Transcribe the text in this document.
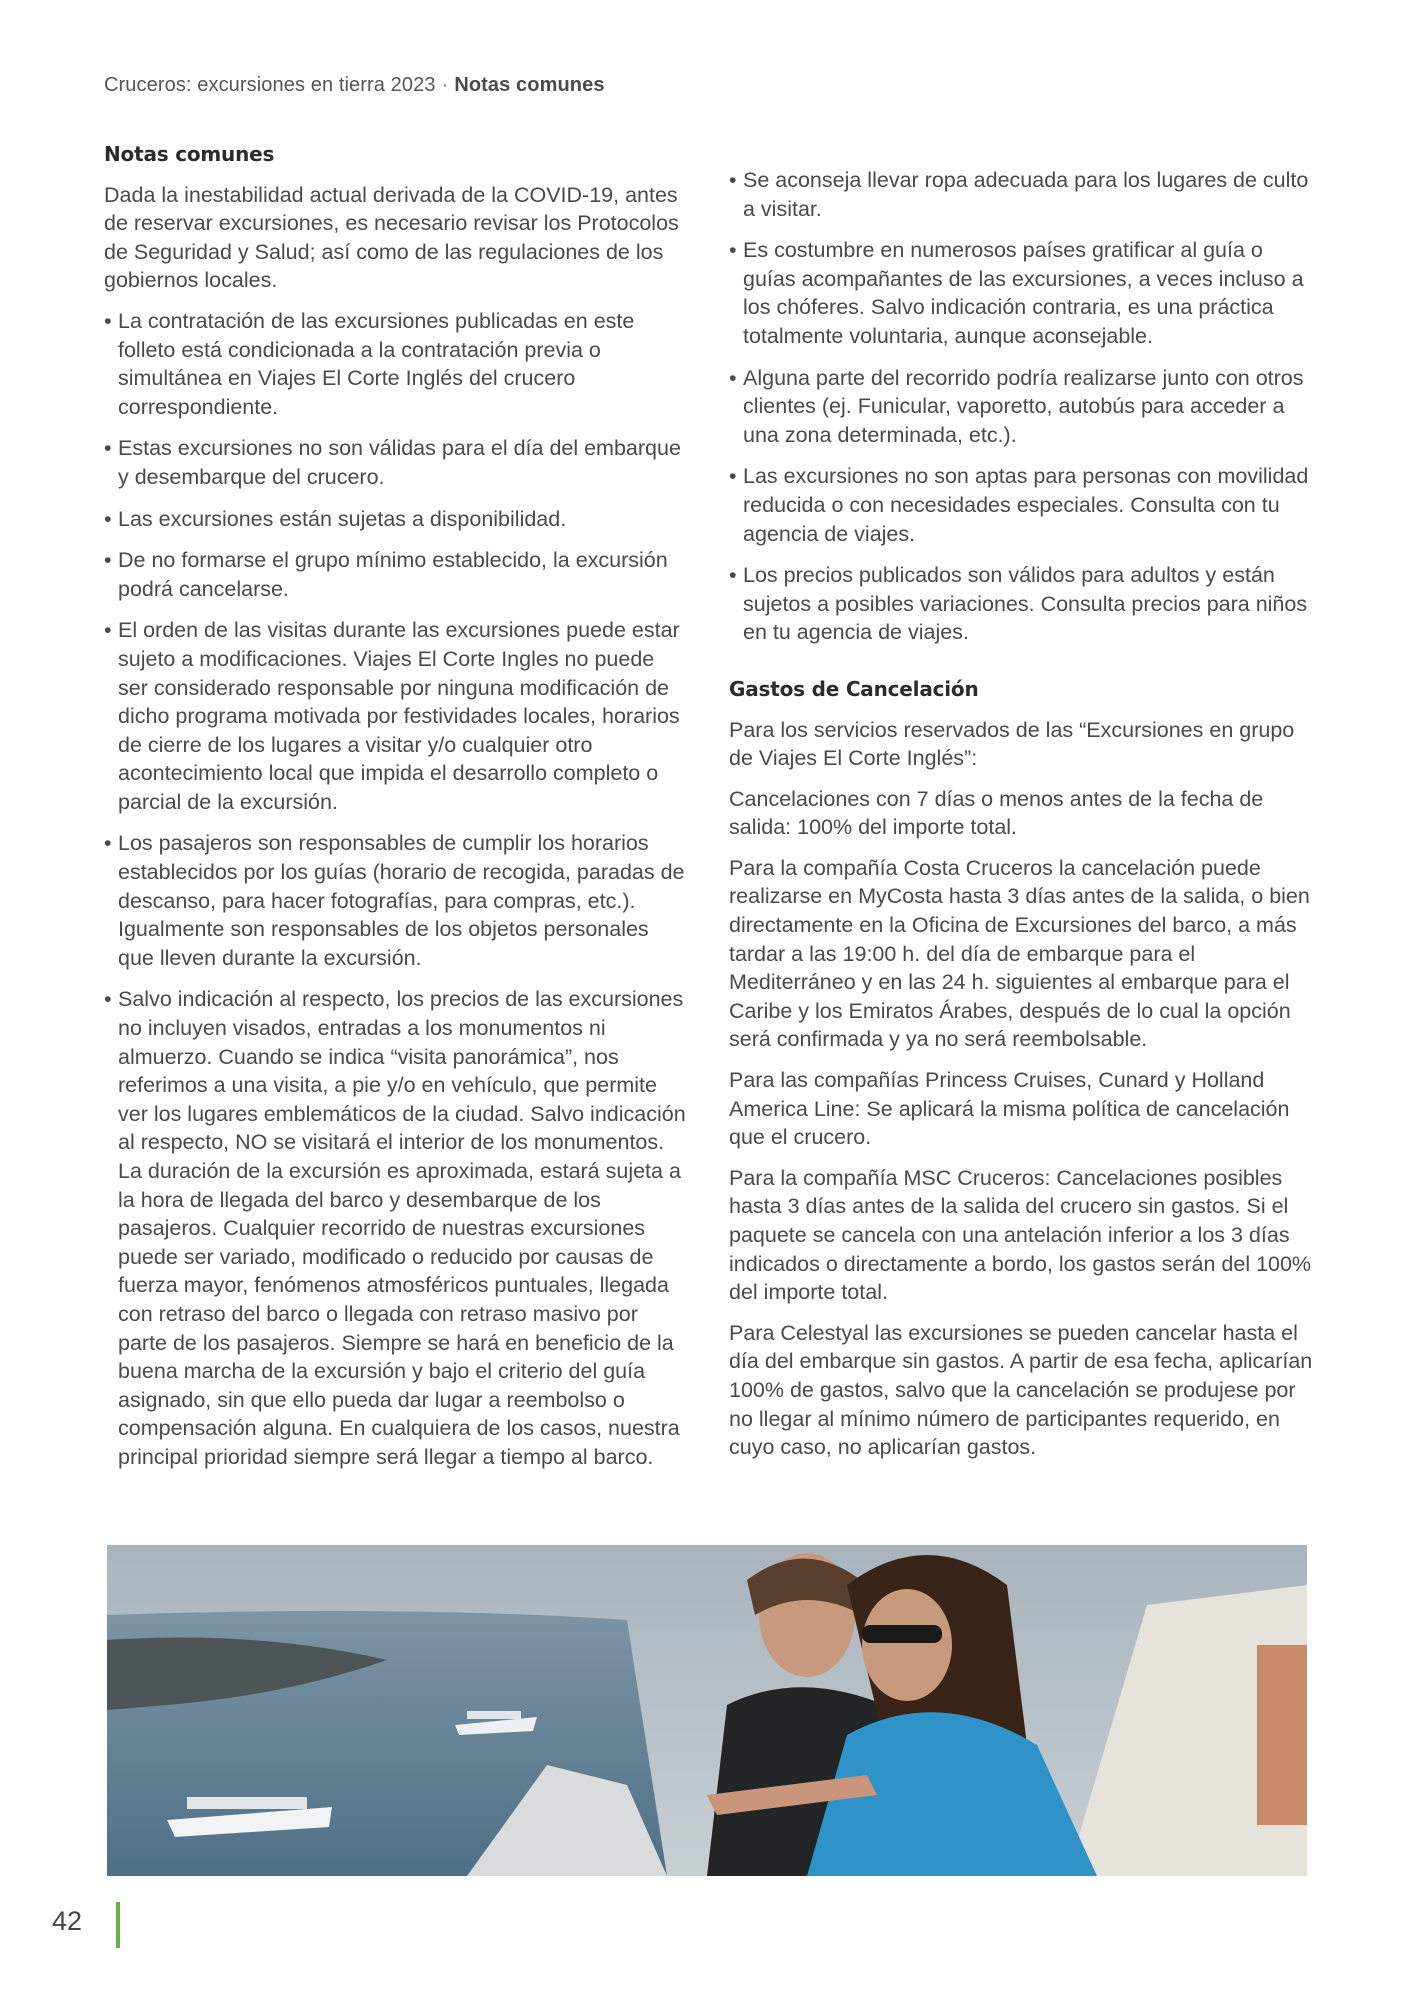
Cruceros: excursiones en tierra 2023 · Notas comunes
Notas comunes

Dada la inestabilidad actual derivada de la COVID-19, antes de reservar excursiones, es necesario revisar los Protocolos de Seguridad y Salud; así como de las regulaciones de los gobiernos locales.

• La contratación de las excursiones publicadas en este folleto está condicionada a la contratación previa o simultánea en Viajes El Corte Inglés del crucero correspondiente.
• Estas excursiones no son válidas para el día del embarque y desembarque del crucero.
• Las excursiones están sujetas a disponibilidad.
• De no formarse el grupo mínimo establecido, la excursión podrá cancelarse.
• El orden de las visitas durante las excursiones puede estar sujeto a modificaciones. Viajes El Corte Ingles no puede ser considerado responsable por ninguna modificación de dicho programa motivada por festividades locales, horarios de cierre de los lugares a visitar y/o cualquier otro acontecimiento local que impida el desarrollo completo o parcial de la excursión.
• Los pasajeros son responsables de cumplir los horarios establecidos por los guías (horario de recogida, paradas de descanso, para hacer fotografías, para compras, etc.). Igualmente son responsables de los objetos personales que lleven durante la excursión.
• Salvo indicación al respecto, los precios de las excursiones no incluyen visados, entradas a los monumentos ni almuerzo. Cuando se indica “visita panorámica”, nos referimos a una visita, a pie y/o en vehículo, que permite ver los lugares emblemáticos de la ciudad. Salvo indicación al respecto, NO se visitará el interior de los monumentos. La duración de la excursión es aproximada, estará sujeta a la hora de llegada del barco y desembarque de los pasajeros. Cualquier recorrido de nuestras excursiones puede ser variado, modificado o reducido por causas de fuerza mayor, fenómenos atmosféricos puntuales, llegada con retraso del barco o llegada con retraso masivo por parte de los pasajeros. Siempre se hará en beneficio de la buena marcha de la excursión y bajo el criterio del guía asignado, sin que ello pueda dar lugar a reembolso o compensación alguna. En cualquiera de los casos, nuestra principal prioridad siempre será llegar a tiempo al barco.
• Se aconseja llevar ropa adecuada para los lugares de culto a visitar.
• Es costumbre en numerosos países gratificar al guía o guías acompañantes de las excursiones, a veces incluso a los chóferes. Salvo indicación contraria, es una práctica totalmente voluntaria, aunque aconsejable.
• Alguna parte del recorrido podría realizarse junto con otros clientes (ej. Funicular, vaporetto, autobús para acceder a una zona determinada, etc.).
• Las excursiones no son aptas para personas con movilidad reducida o con necesidades especiales. Consulta con tu agencia de viajes.
• Los precios publicados son válidos para adultos y están sujetos a posibles variaciones. Consulta precios para niños en tu agencia de viajes.
Gastos de Cancelación

Para los servicios reservados de las “Excursiones en grupo de Viajes El Corte Inglés”:

Cancelaciones con 7 días o menos antes de la fecha de salida: 100% del importe total.

Para la compañía Costa Cruceros la cancelación puede realizarse en MyCosta hasta 3 días antes de la salida, o bien directamente en la Oficina de Excursiones del barco, a más tardar a las 19:00 h. del día de embarque para el Mediterráneo y en las 24 h. siguientes al embarque para el Caribe y los Emiratos Árabes, después de lo cual la opción será confirmada y ya no será reembolsable.

Para las compañías Princess Cruises, Cunard y Holland America Line: Se aplicará la misma política de cancelación que el crucero.

Para la compañía MSC Cruceros: Cancelaciones posibles hasta 3 días antes de la salida del crucero sin gastos. Si el paquete se cancela con una antelación inferior a los 3 días indicados o directamente a bordo, los gastos serán del 100% del importe total.

Para Celestyal las excursiones se pueden cancelar hasta el día del embarque sin gastos. A partir de esa fecha, aplicarían 100% de gastos, salvo que la cancelación se produjese por no llegar al mínimo número de participantes requerido, en cuyo caso, no aplicarían gastos.

42
